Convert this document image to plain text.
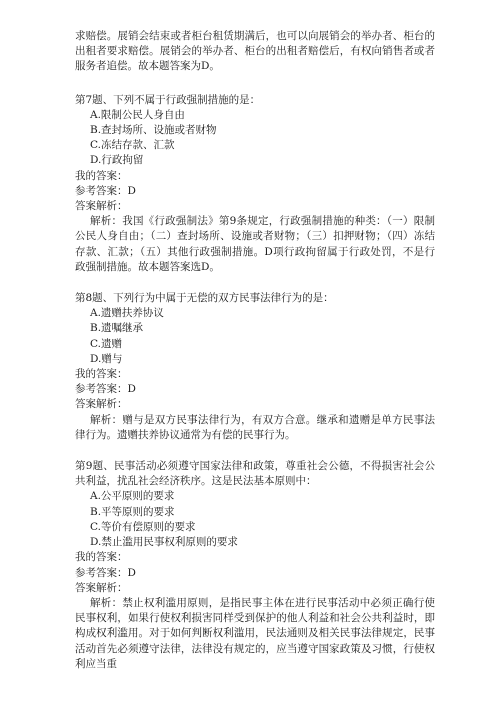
求赔偿。展销会结束或者柜台租赁期满后，也可以向展销会的举办者、柜台的出租者要求赔偿。展销会的举办者、柜台的出租者赔偿后，有权向销售者或者服务者追偿。故本题答案为D。

第7题、下列不属于行政强制措施的是：

A.限制公民人身自由

B.查封场所、设施或者财物

C.冻结存款、汇款

D.行政拘留

我的答案：

参考答案：D

答案解析：

解析：我国《行政强制法》第9条规定，行政强制措施的种类：（一）限制公民人身自由；（二）查封场所、设施或者财物；（三）扣押财物；（四）冻结存款、汇款；（五）其他行政强制措施。D项行政拘留属于行政处罚，不是行政强制措施。故本题答案选D。

第8题、下列行为中属于无偿的双方民事法律行为的是：

A.遗赠扶养协议

B.遗嘱继承

C.遗赠

D.赠与

我的答案：

参考答案：D

答案解析：

解析：赠与是双方民事法律行为，有双方合意。继承和遗赠是单方民事法律行为。遗赠扶养协议通常为有偿的民事行为。

第9题、民事活动必须遵守国家法律和政策，尊重社会公德，不得损害社会公共利益，扰乱社会经济秩序。这是民法基本原则中：

A.公平原则的要求

B.平等原则的要求

C.等价有偿原则的要求

D.禁止滥用民事权利原则的要求

我的答案：

参考答案：D

答案解析：

解析：禁止权利滥用原则，是指民事主体在进行民事活动中必须正确行使民事权利，如果行使权利损害同样受到保护的他人利益和社会公共利益时，即构成权利滥用。对于如何判断权利滥用，民法通则及相关民事法律规定，民事活动首先必须遵守法律，法律没有规定的，应当遵守国家政策及习惯，行使权利应当重
